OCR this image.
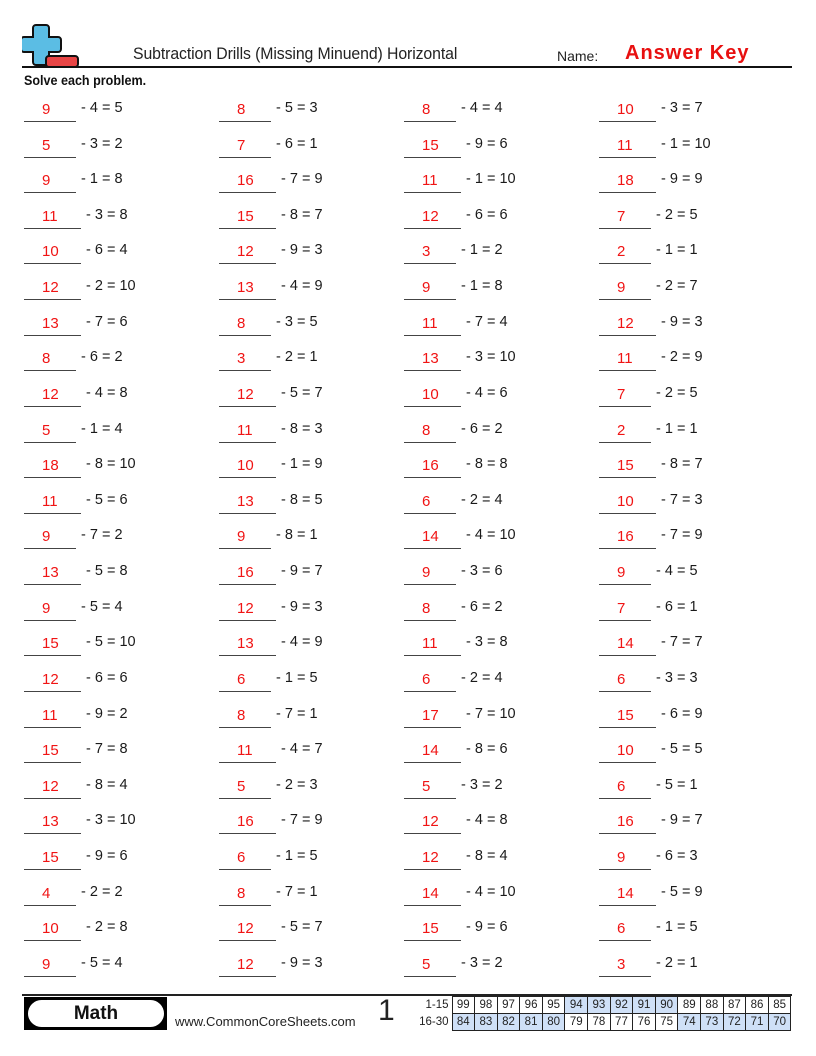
Subtraction Drills (Missing Minuend) Horizontal	Name: Answer Key
Solve each problem.
9 - 4 = 5
5 - 3 = 2
9 - 1 = 8
11 - 3 = 8
10 - 6 = 4
12 - 2 = 10
13 - 7 = 6
8 - 6 = 2
12 - 4 = 8
5 - 1 = 4
18 - 8 = 10
11 - 5 = 6
9 - 7 = 2
13 - 5 = 8
9 - 5 = 4
15 - 5 = 10
12 - 6 = 6
11 - 9 = 2
15 - 7 = 8
12 - 8 = 4
13 - 3 = 10
15 - 9 = 6
4 - 2 = 2
10 - 2 = 8
9 - 5 = 4
8 - 5 = 3
7 - 6 = 1
16 - 7 = 9
15 - 8 = 7
12 - 9 = 3
13 - 4 = 9
8 - 3 = 5
3 - 2 = 1
12 - 5 = 7
11 - 8 = 3
10 - 1 = 9
13 - 8 = 5
9 - 8 = 1
16 - 9 = 7
12 - 9 = 3
13 - 4 = 9
6 - 1 = 5
8 - 7 = 1
11 - 4 = 7
5 - 2 = 3
16 - 7 = 9
6 - 1 = 5
8 - 7 = 1
12 - 5 = 7
12 - 9 = 3
8 - 4 = 4
15 - 9 = 6
11 - 1 = 10
12 - 6 = 6
3 - 1 = 2
9 - 1 = 8
11 - 7 = 4
13 - 3 = 10
10 - 4 = 6
8 - 6 = 2
16 - 8 = 8
6 - 2 = 4
14 - 4 = 10
9 - 3 = 6
8 - 6 = 2
11 - 3 = 8
6 - 2 = 4
17 - 7 = 10
14 - 8 = 6
5 - 3 = 2
12 - 4 = 8
12 - 8 = 4
14 - 4 = 10
15 - 9 = 6
5 - 3 = 2
10 - 3 = 7
11 - 1 = 10
18 - 9 = 9
7 - 2 = 5
2 - 1 = 1
9 - 2 = 7
12 - 9 = 3
11 - 2 = 9
7 - 2 = 5
2 - 1 = 1
15 - 8 = 7
10 - 7 = 3
16 - 7 = 9
9 - 4 = 5
7 - 6 = 1
14 - 7 = 7
6 - 3 = 3
15 - 6 = 9
10 - 5 = 5
6 - 5 = 1
16 - 9 = 7
9 - 6 = 3
14 - 5 = 9
6 - 1 = 5
3 - 2 = 1
Math	www.CommonCoreSheets.com 1	1-15	99	98	97	96	95	94	93	92	91	90	89	88	87	86	85
16-30	84	83	82	81	80	79	78	77	76	75	74	73	72	71	70
